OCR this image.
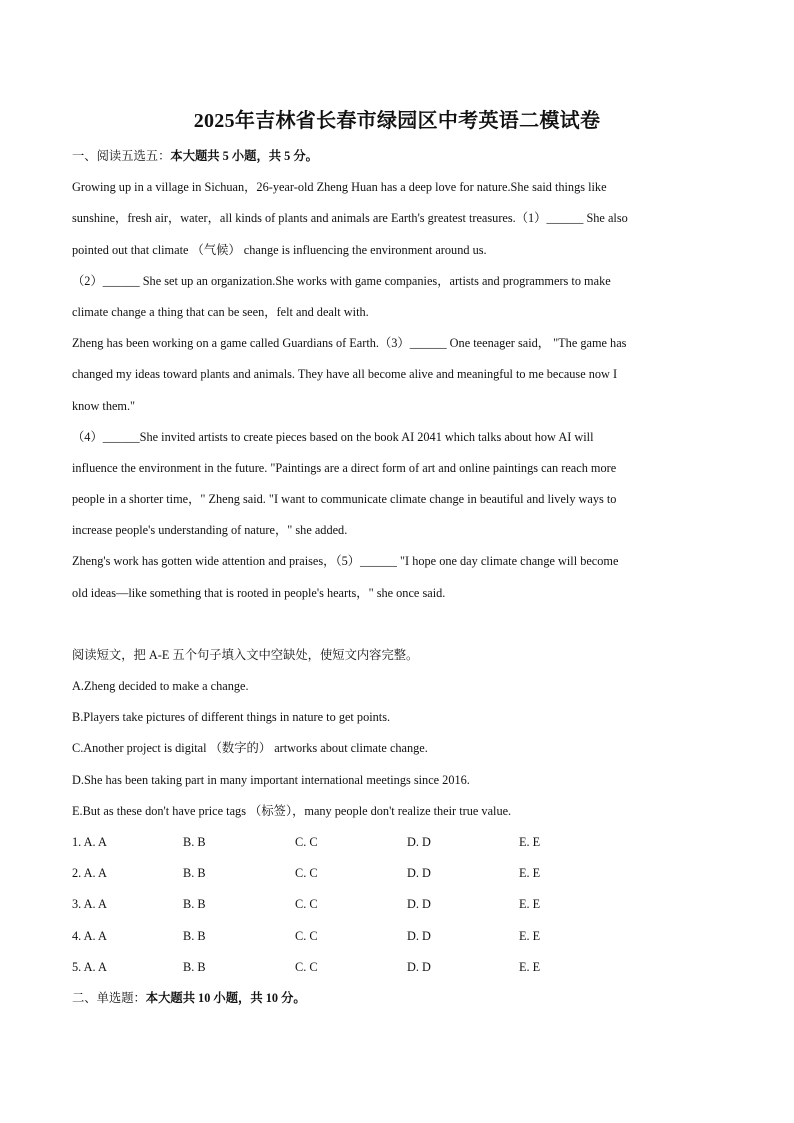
2025年吉林省长春市绿园区中考英语二模试卷
一、阅读五选五：本大题共 5 小题，共 5 分。
Growing up in a village in Sichuan，26-year-old Zheng Huan has a deep love for nature.She said things like
sunshine，fresh air，water，all kinds of plants and animals are Earth's greatest treasures.（1）______ She also
pointed out that climate （气候） change is influencing the environment around us.
（2）______ She set up an organization.She works with game companies，artists and programmers to make
climate change a thing that can be seen，felt and dealt with.
Zheng has been working on a game called Guardians of Earth.（3）______ One teenager said， "The game has
changed my ideas toward plants and animals. They have all become alive and meaningful to me because now I
know them."
（4）______She invited artists to create pieces based on the book AI 2041 which talks about how AI will
influence the environment in the future. "Paintings are a direct form of art and online paintings can reach more
people in a shorter time，" Zheng said. "I want to communicate climate change in beautiful and lively ways to
increase people's understanding of nature，" she added.
Zheng's work has gotten wide attention and praises，（5）______ "I hope one day climate change will become
old ideas—like something that is rooted in people's hearts，" she once said.
阅读短文，把 A-E 五个句子填入文中空缺处，使短文内容完整。
A.Zheng decided to make a change.
B.Players take pictures of different things in nature to get points.
C.Another project is digital （数字的） artworks about climate change.
D.She has been taking part in many important international meetings since 2016.
E.But as these don't have price tags （标签），many people don't realize their true value.
1. A. A	B. B	C. C	D. D	E. E
2. A. A	B. B	C. C	D. D	E. E
3. A. A	B. B	C. C	D. D	E. E
4. A. A	B. B	C. C	D. D	E. E
5. A. A	B. B	C. C	D. D	E. E
二、单选题：本大题共 10 小题，共 10 分。
